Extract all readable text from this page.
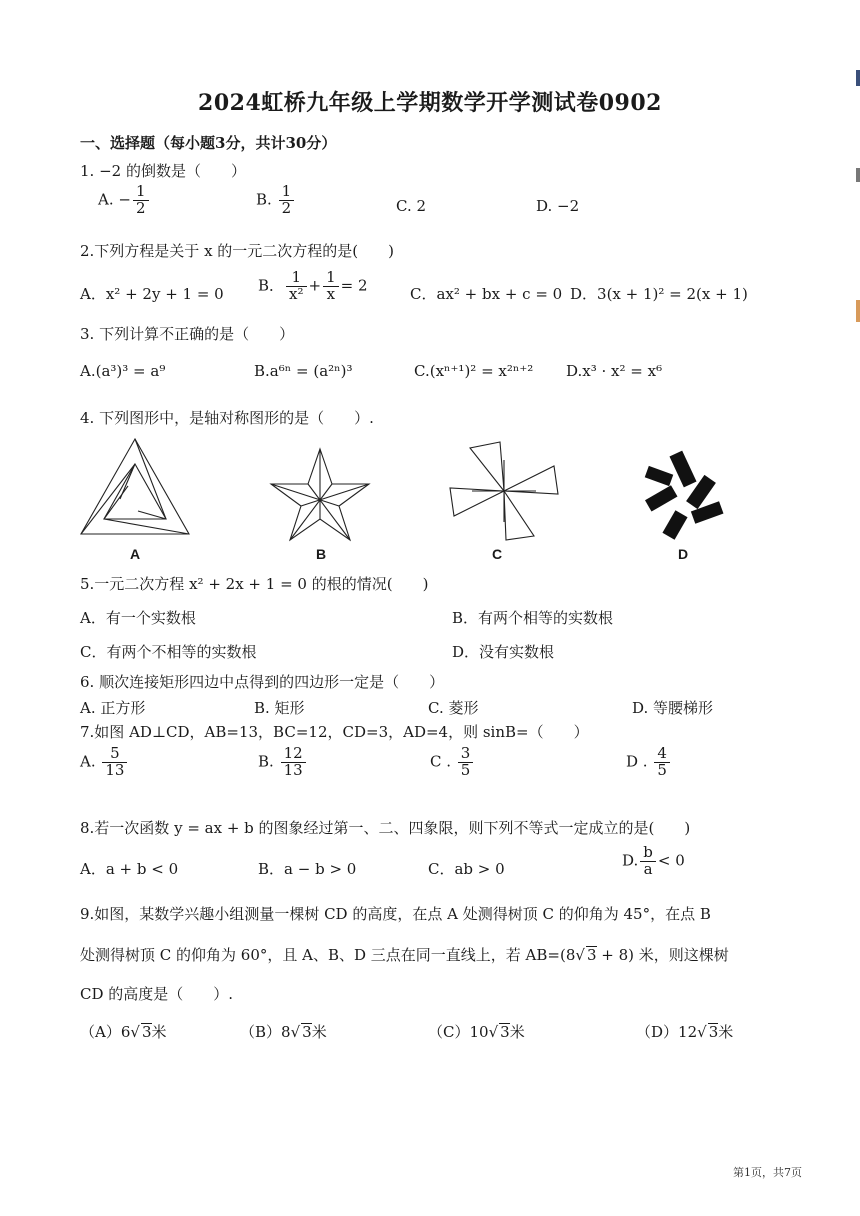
2024虹桥九年级上学期数学开学测试卷0902
一、选择题（每小题3分，共计30分）
1. −2 的倒数是（　　）
A. − $\frac{1}{2}$	B. $\frac{1}{2}$	C. 2	D. −2
2.下列方程是关于 x 的一元二次方程的是(　　)
A．x² + 2y + 1 = 0 B． $\frac{1}{\text{x²}} + \frac{1}{x} = 2$	C．ax² + bx + c = 0 D．3(x + 1)² = 2(x + 1)
3. 下列计算不正确的是（　　）
A.(a³)³ = a⁹	B.a⁶ⁿ = (a²ⁿ)³	C.(xⁿ⁺¹)² = x²ⁿ⁺² D.x³ · x² = x⁶
4. 下列图形中，是轴对称图形的是（　　）.
A	B	C	D
5.一元二次方程 x² + 2x + 1 = 0 的根的情况(　　)
A．有一个实数根	B．有两个相等的实数根
C．有两个不相等的实数根	D．没有实数根
6. 顺次连接矩形四边中点得到的四边形一定是（　　）
A. 正方形	B. 矩形	C. 菱形	D. 等腰梯形
7.如图 AD⊥CD，AB=13，BC=12，CD=3，AD=4，则 sinB=（　　）
A. $\frac{5}{13}$	B. $\frac{12}{13}$	C . $\frac{3}{5}$	D . $\frac{4}{5}$
8.若一次函数 y = ax + b 的图象经过第一、二、四象限，则下列不等式一定成立的是(　　)
A．a + b < 0	B．a − b > 0	C．ab > 0	D. $\frac{b}{a} < 0$
9.如图，某数学兴趣小组测量一棵树 CD 的高度，在点 A 处测得树顶 C 的仰角为 45°，在点 B
处测得树顶 C 的仰角为 60°，且 A、B、D 三点在同一直线上，若 AB=(8√ 3 + 8) 米，则这棵树
CD 的高度是（　　）.
（A）6√ 3米	（B）8√ 3米	（C）10√ 3米	（D）12√ 3米
第1页，共7页
